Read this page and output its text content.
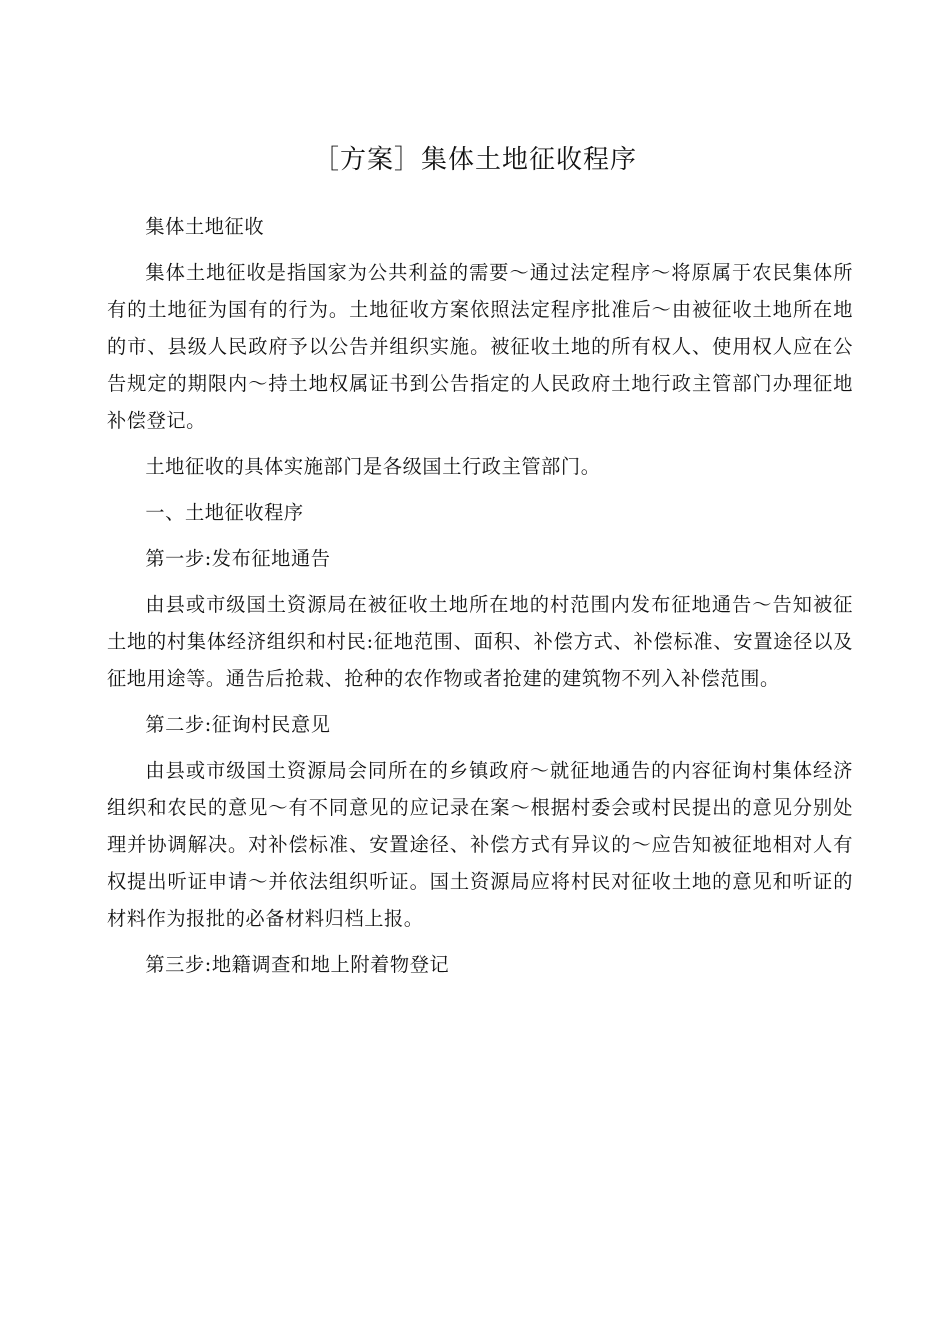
［方案］集体土地征收程序

集体土地征收

集体土地征收是指国家为公共利益的需要～通过法定程序～将原属于农民集体所有的土地征为国有的行为。土地征收方案依照法定程序批准后～由被征收土地所在地的市、县级人民政府予以公告并组织实施。被征收土地的所有权人、使用权人应在公告规定的期限内～持土地权属证书到公告指定的人民政府土地行政主管部门办理征地补偿登记。

土地征收的具体实施部门是各级国土行政主管部门。

一、土地征收程序

第一步:发布征地通告

由县或市级国土资源局在被征收土地所在地的村范围内发布征地通告～告知被征土地的村集体经济组织和村民:征地范围、面积、补偿方式、补偿标准、安置途径以及征地用途等。通告后抢栽、抢种的农作物或者抢建的建筑物不列入补偿范围。

第二步:征询村民意见

由县或市级国土资源局会同所在的乡镇政府～就征地通告的内容征询村集体经济组织和农民的意见～有不同意见的应记录在案～根据村委会或村民提出的意见分别处理并协调解决。对补偿标准、安置途径、补偿方式有异议的～应告知被征地相对人有权提出听证申请～并依法组织听证。国土资源局应将村民对征收土地的意见和听证的材料作为报批的必备材料归档上报。

第三步:地籍调查和地上附着物登记
